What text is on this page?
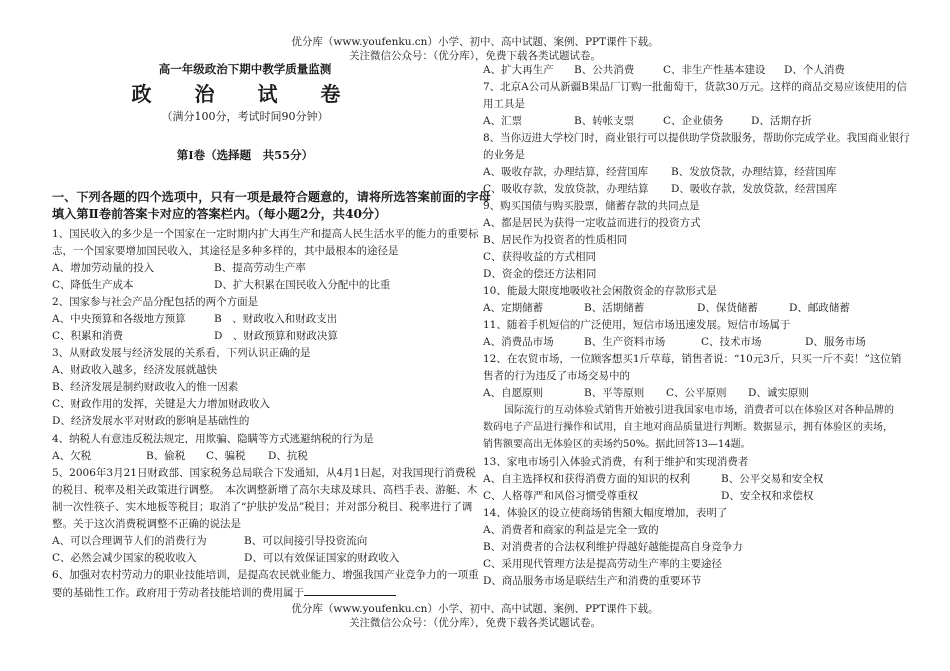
优分库（www.youfenku.cn）小学、初中、高中试题、案例、PPT课件下载。
关注微信公众号：（优分库），免费下载各类试题试卷。
高一年级政治下期中教学质量监测
政 治 试 卷
（满分100分，考试时间90分钟）
第Ⅰ卷（选择题　共55分）
一、下列各题的四个选项中，只有一项是最符合题意的，请将所选答案前面的字母
填入第Ⅱ卷前答案卡对应的答案栏内。（每小题2分，共40分）
1、国民收入的多少是一个国家在一定时期内扩大再生产和提高人民生活水平的能力的重要标
志，一个国家要增加国民收入，其途径是多种多样的，其中最根本的途径是
A、增加劳动量的投入	B、提高劳动生产率
C、降低生产成本	D、扩大积累在国民收入分配中的比重
2、国家参与社会产品分配包括的两个方面是
A、中央预算和各级地方预算	B　、财政收入和财政支出
C、积累和消费	D　、财政预算和财政决算
3、从财政发展与经济发展的关系看，下列认识正确的是
A、财政收入越多，经济发展就越快
B、经济发展是制约财政收入的惟一因素
C、财政作用的发挥，关键是大力增加财政收入
D、经济发展水平对财政的影响是基础性的
4、纳税人有意违反税法规定，用欺骗、隐瞒等方式逃避纳税的行为是
A、欠税	B、偷税 C、骗税 D、抗税
5、2006年3月21日财政部、国家税务总局联合下发通知，从4月1日起，对我国现行消费税
的税目、税率及相关政策进行调整。　本次调整新增了高尔夫球及球具、高档手表、游艇、木
制一次性筷子、实木地板等税目；取消了“护肤护发品”税目；并对部分税目、税率进行了调
整。关于这次消费税调整不正确的说法是
A、可以合理调节人们的消费行为	B、可以间接引导投资流向
C、必然会减少国家的税收收入	D、可以有效保证国家的财政收入
6、加强对农村劳动力的职业技能培训，是提高农民就业能力、增强我国产业竞争力的一项重
要的基础性工作。政府用于劳动者技能培训的费用属于
A、扩大再生产 B、公共消费	C、非生产性基本建设 D、个人消费
7、北京A公司从新疆B果品厂订购一批葡萄干，货款30万元。这样的商品交易应该使用的信
用工具是
A、汇票	B、转帐支票	C、企业债务	D、活期存折
8、当你迈进大学校门时，商业银行可以提供助学贷款服务，帮助你完成学业。我国商业银行
的业务是
A、吸收存款，办理结算，经营国库 B、发放贷款，办理结算，经营国库
C、吸收存款，发放贷款，办理结算 D、吸收存款，发放贷款，经营国库
9、购买国债与购买股票，储蓄存款的共同点是
A、都是居民为获得一定收益而进行的投资方式
B、居民作为投资者的性质相同
C、获得收益的方式相同
D、资金的偿还方法相同
10、能最大限度地吸收社会闲散资金的存款形式是
A、定期储蓄	B、活期储蓄	D、保货储蓄	D、邮政储蓄
11、随着手机短信的广泛使用，短信市场迅速发展。短信市场属于
A、消费品市场	B、生产资料市场	C、技术市场	D、服务市场
12、在农贸市场，一位顾客想买1斤草莓，销售者说：“10元3斤，只买一斤不卖！”这位销
售者的行为违反了市场交易中的
A、自愿原则	B、平等原则 C、公平原则 D、诚实原则
国际流行的互动体验式销售开始被引进我国家电市场，消费者可以在体验区对各种品牌的
数码电子产品进行操作和试用，自主地对商品质量进行判断。数据显示，拥有体验区的卖场，
销售额要高出无体验区的卖场约50%。据此回答13—14题。
13、家电市场引入体验式消费，有利于维护和实现消费者
A、自主选择权和获得消费方面的知识的权利	B、公平交易和安全权
C、人格尊严和风俗习惯受尊重权	D、安全权和求偿权
14、体验区的设立使商场销售额大幅度增加，表明了
A、消费者和商家的利益是完全一致的
B、对消费者的合法权利维护得越好越能提高自身竞争力
C、采用现代管理方法是提高劳动生产率的主要途径
D、商品服务市场是联结生产和消费的重要环节
优分库（www.youfenku.cn）小学、初中、高中试题、案例、PPT课件下载。
关注微信公众号：（优分库），免费下载各类试题试卷。
